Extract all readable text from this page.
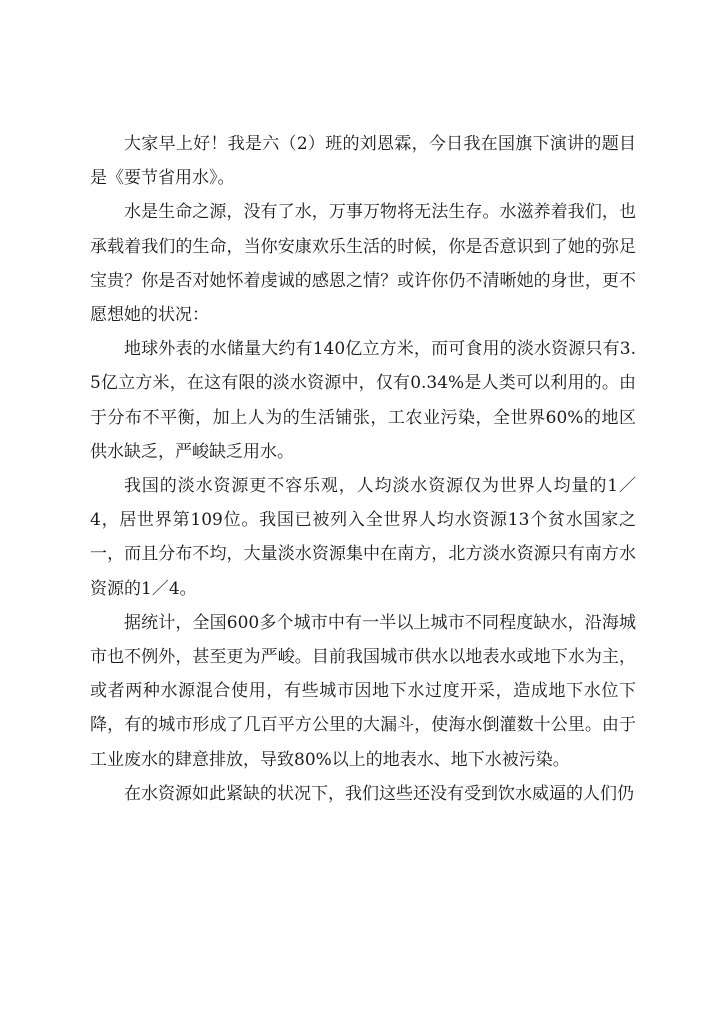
大家早上好！我是六（2）班的刘恩霖，今日我在国旗下演讲的题目是《要节省用水》。

水是生命之源，没有了水，万事万物将无法生存。水滋养着我们，也承载着我们的生命，当你安康欢乐生活的时候，你是否意识到了她的弥足宝贵？你是否对她怀着虔诚的感恩之情？或许你仍不清晰她的身世，更不愿想她的状况：

地球外表的水储量大约有140亿立方米，而可食用的淡水资源只有3.5亿立方米，在这有限的淡水资源中，仅有0.34%是人类可以利用的。由于分布不平衡，加上人为的生活铺张，工农业污染，全世界60%的地区供水缺乏，严峻缺乏用水。

我国的淡水资源更不容乐观，人均淡水资源仅为世界人均量的1／4，居世界第109位。我国已被列入全世界人均水资源13个贫水国家之一，而且分布不均，大量淡水资源集中在南方，北方淡水资源只有南方水资源的1／4。

据统计，全国600多个城市中有一半以上城市不同程度缺水，沿海城市也不例外，甚至更为严峻。目前我国城市供水以地表水或地下水为主，或者两种水源混合使用，有些城市因地下水过度开采，造成地下水位下降，有的城市形成了几百平方公里的大漏斗，使海水倒灌数十公里。由于工业废水的肆意排放，导致80%以上的地表水、地下水被污染。

在水资源如此紧缺的状况下，我们这些还没有受到饮水威逼的人们仍
